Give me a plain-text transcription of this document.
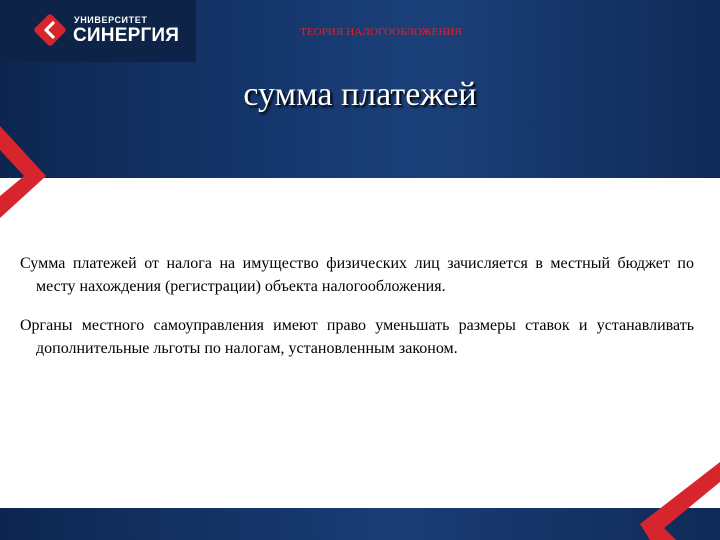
УНИВЕРСИТЕТ
СИНЕРГИЯ	ТЕОРИЯ НАЛОГООБЛОЖЕНИЯ
сумма платежей

Сумма платежей от налога на имущество физических лиц зачисляется в местный бюджет по месту нахождения (регистрации) объекта налогообложения.

Органы местного самоуправления имеют право уменьшать размеры ставок и устанавливать дополнительные льготы по налогам, установленным законом.
